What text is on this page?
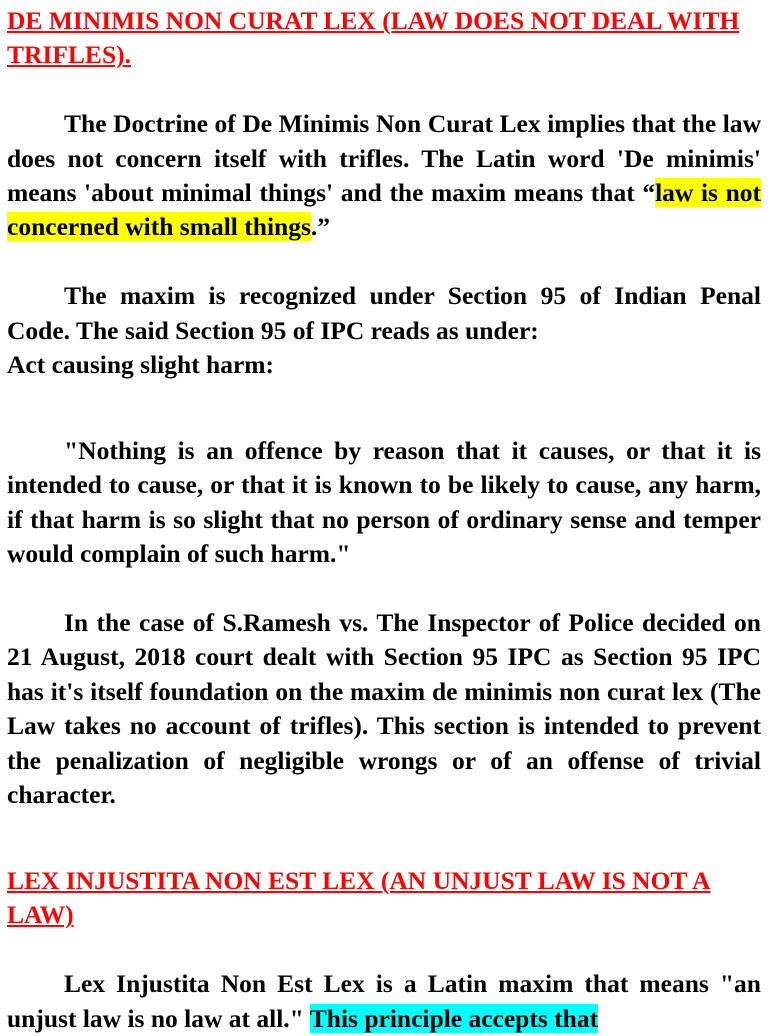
DE MINIMIS NON CURAT LEX (LAW DOES NOT DEAL WITH TRIFLES).

The Doctrine of De Minimis Non Curat Lex implies that the law does not concern itself with trifles. The Latin word 'De minimis' means 'about minimal things' and the maxim means that “law is not concerned with small things.”

The maxim is recognized under Section 95 of Indian Penal Code. The said Section 95 of IPC reads as under:

Act causing slight harm:

"Nothing is an offence by reason that it causes, or that it is intended to cause, or that it is known to be likely to cause, any harm, if that harm is so slight that no person of ordinary sense and temper would complain of such harm."

In the case of S.Ramesh vs. The Inspector of Police decided on 21 August, 2018 court dealt with Section 95 IPC as Section 95 IPC has it's itself foundation on the maxim de minimis non curat lex (The Law takes no account of trifles). This section is intended to prevent the penalization of negligible wrongs or of an offense of trivial character.

LEX INJUSTITA NON EST LEX (AN UNJUST LAW IS NOT A LAW)

Lex Injustita Non Est Lex is a Latin maxim that means "an unjust law is no law at all." This principle accepts that
